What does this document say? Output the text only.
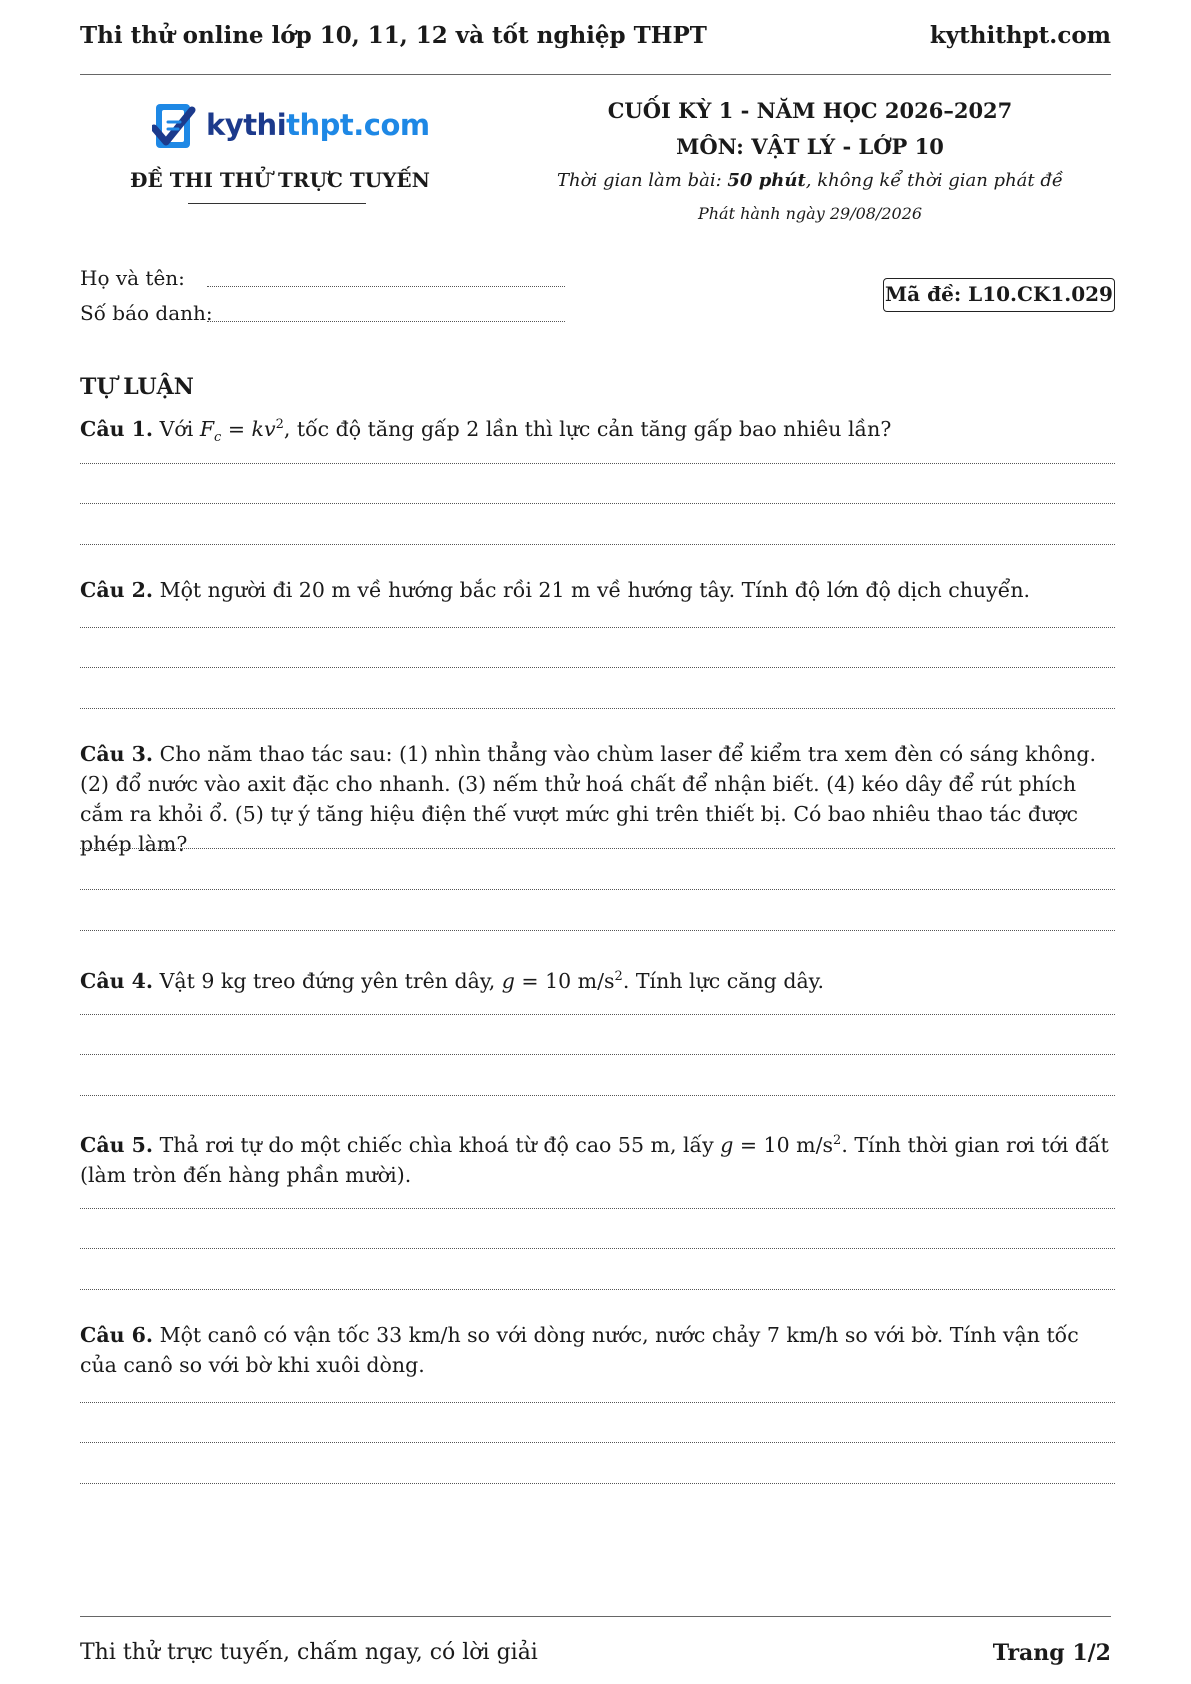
Thi thử online lớp 10, 11, 12 và tốt nghiệp THPT	kythithpt.com
kythithpt.com
ĐỀ THI THỬ TRỰC TUYẾN
CUỐI KỲ 1 - NĂM HỌC 2026–2027
MÔN: VẬT LÝ - LỚP 10
Thời gian làm bài: 50 phút, không kể thời gian phát đề
Phát hành ngày 29/08/2026
Họ và tên:
Số báo danh:
Mã đề: L10.CK1.029
TỰ LUẬN
Câu 1. Với $F_c = kv^2$, tốc độ tăng gấp 2 lần thì lực cản tăng gấp bao nhiêu lần?
Câu 2. Một người đi 20 m về hướng bắc rồi 21 m về hướng tây. Tính độ lớn độ dịch chuyển.
Câu 3. Cho năm thao tác sau: (1) nhìn thẳng vào chùm laser để kiểm tra xem đèn có sáng không. (2) đổ nước vào axit đặc cho nhanh. (3) nếm thử hoá chất để nhận biết. (4) kéo dây để rút phích cắm ra khỏi ổ. (5) tự ý tăng hiệu điện thế vượt mức ghi trên thiết bị. Có bao nhiêu thao tác được phép làm?
Câu 4. Vật 9 kg treo đứng yên trên dây, g = 10 $m/s^2$. Tính lực căng dây.
Câu 5. Thả rơi tự do một chiếc chìa khoá từ độ cao 55 m, lấy g = 10 $m/s^2$. Tính thời gian rơi tới đất (làm tròn đến hàng phần mười).
Câu 6. Một canô có vận tốc 33 km/h so với dòng nước, nước chảy 7 km/h so với bờ. Tính vận tốc của canô so với bờ khi xuôi dòng.
Thi thử trực tuyến, chấm ngay, có lời giải	Trang 1/2
